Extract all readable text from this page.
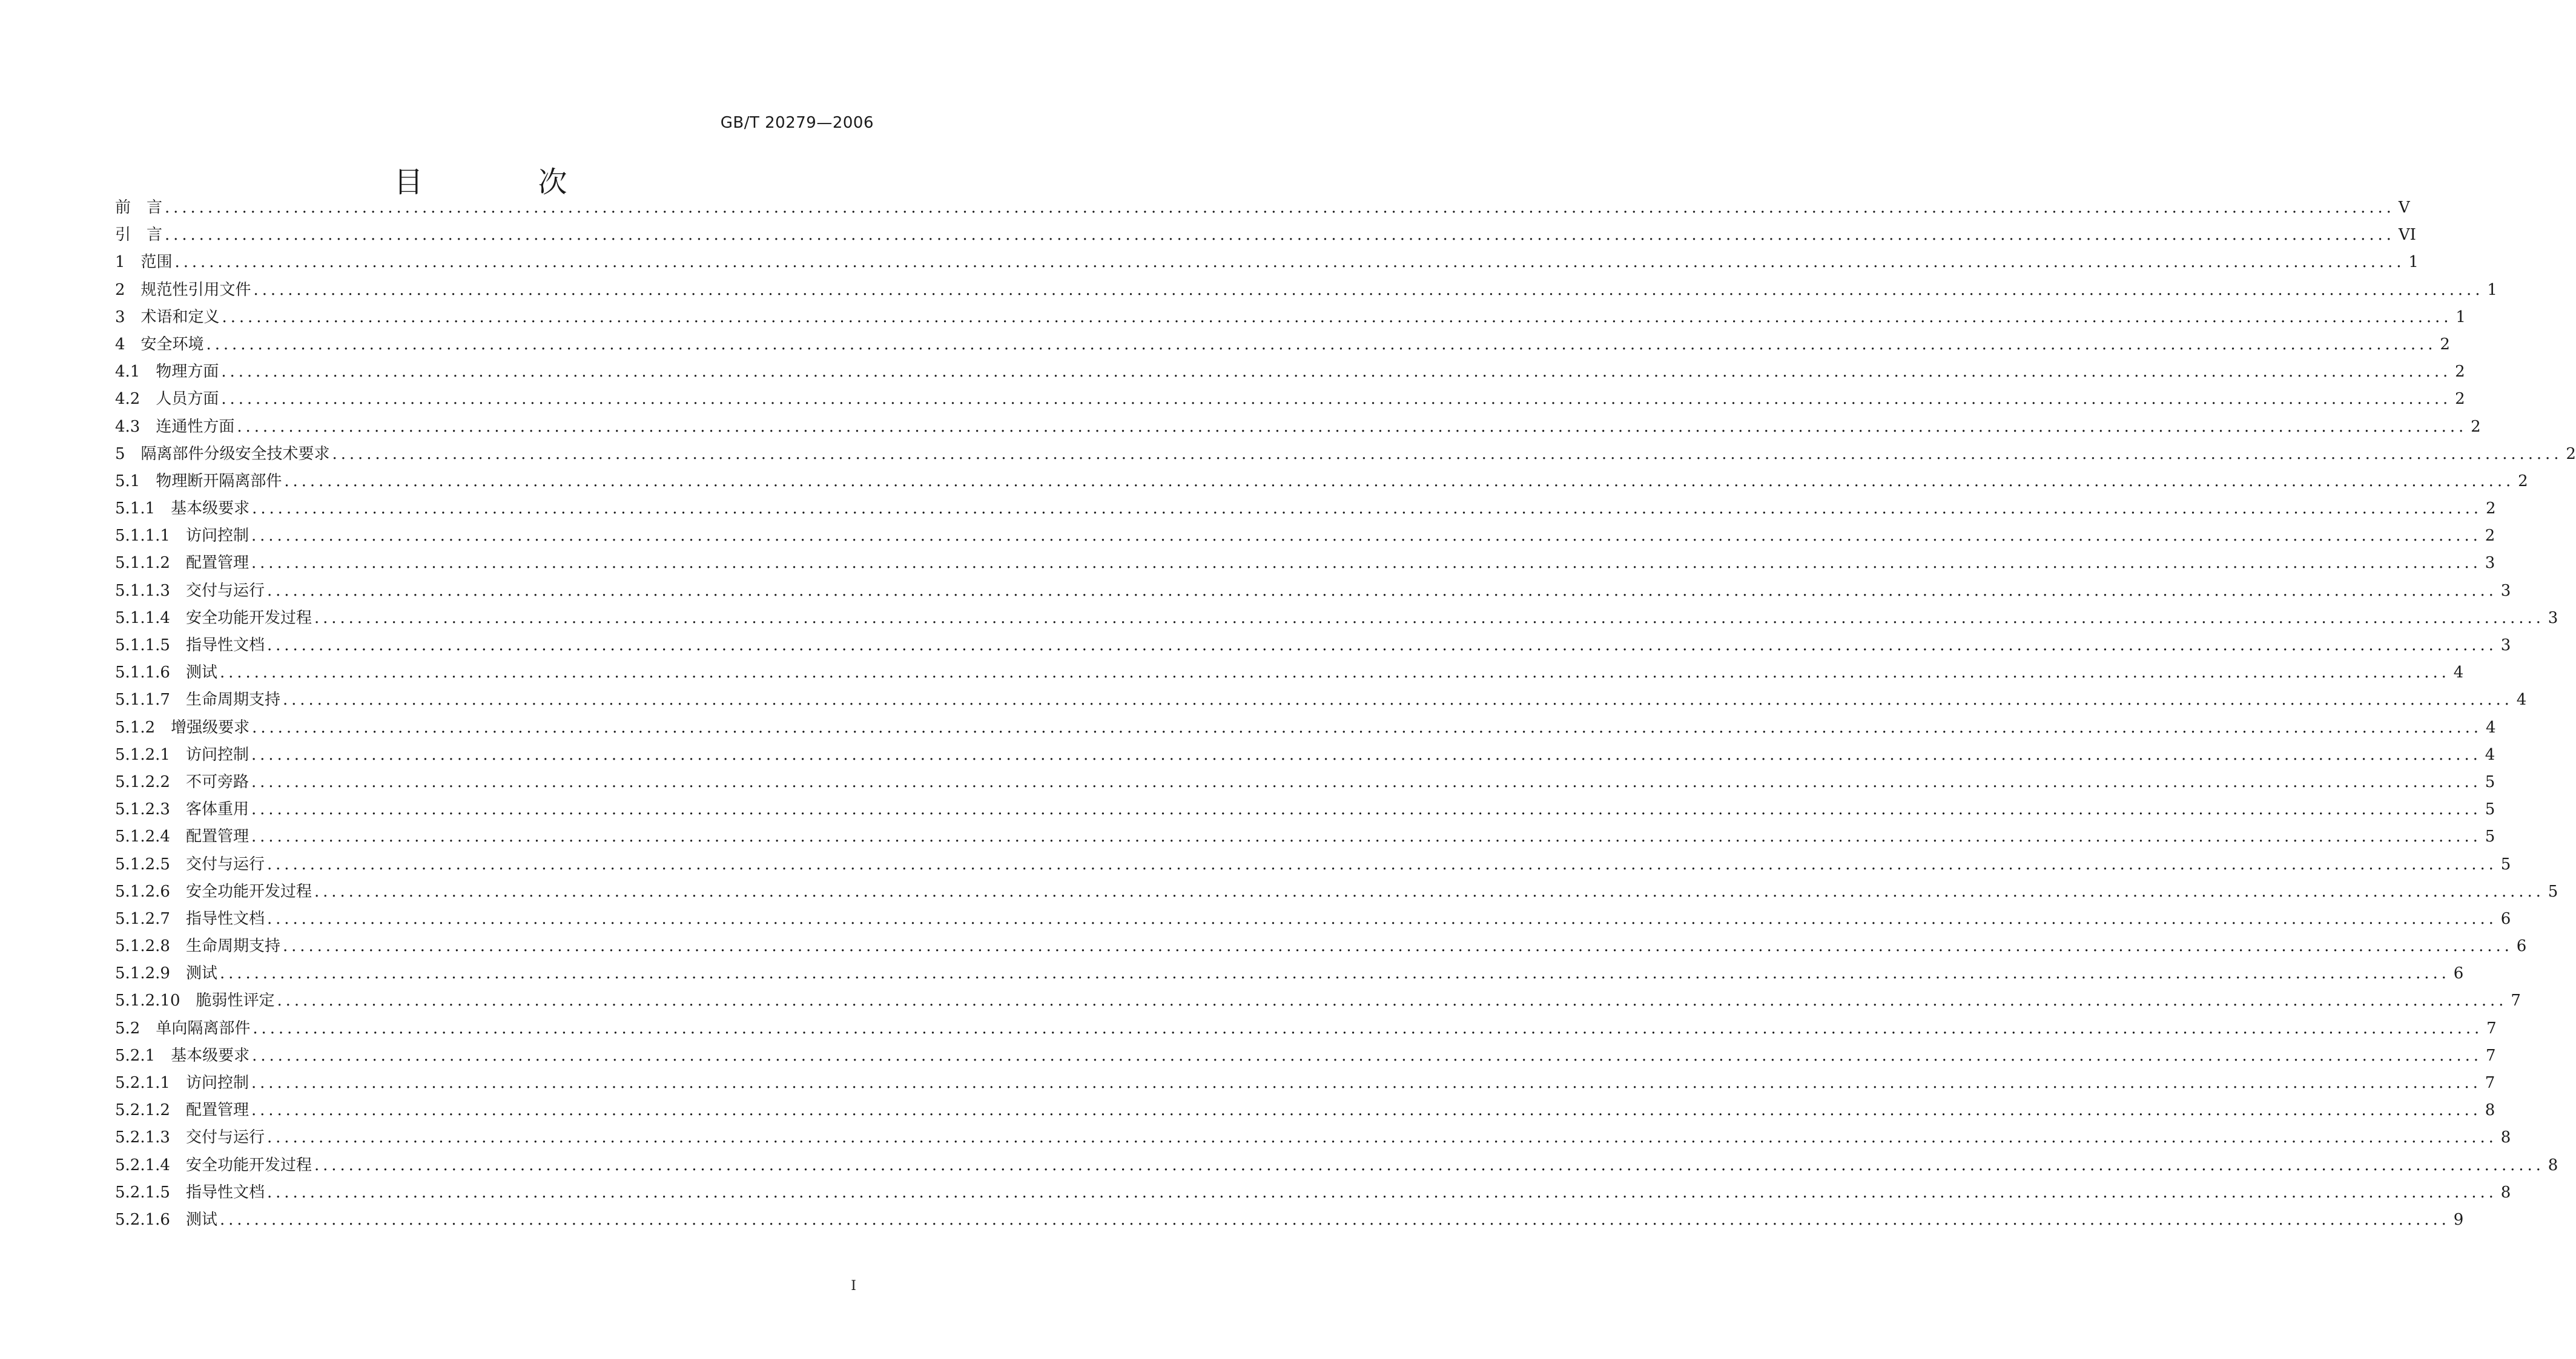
GB/T 20279—2006
目次
前　言 .................................................................................................................................................................................................................................................................... V
引　言 .................................................................................................................................................................................................................................................................... VI
1　范围 .................................................................................................................................................................................................................................................................... 1
2　规范性引用文件 .................................................................................................................................................................................................................................................................... 1
3　术语和定义 .................................................................................................................................................................................................................................................................... 1
4　安全环境 .................................................................................................................................................................................................................................................................... 2
4.1　物理方面 .................................................................................................................................................................................................................................................................... 2
4.2　人员方面 .................................................................................................................................................................................................................................................................... 2
4.3　连通性方面 .................................................................................................................................................................................................................................................................... 2
5　隔离部件分级安全技术要求 .................................................................................................................................................................................................................................................................... 2
5.1　物理断开隔离部件 .................................................................................................................................................................................................................................................................... 2
5.1.1　基本级要求 .................................................................................................................................................................................................................................................................... 2
5.1.1.1　访问控制 .................................................................................................................................................................................................................................................................... 2
5.1.1.2　配置管理 .................................................................................................................................................................................................................................................................... 3
5.1.1.3　交付与运行 .................................................................................................................................................................................................................................................................... 3
5.1.1.4　安全功能开发过程 .................................................................................................................................................................................................................................................................... 3
5.1.1.5　指导性文档 .................................................................................................................................................................................................................................................................... 3
5.1.1.6　测试 .................................................................................................................................................................................................................................................................... 4
5.1.1.7　生命周期支持 .................................................................................................................................................................................................................................................................... 4
5.1.2　增强级要求 .................................................................................................................................................................................................................................................................... 4
5.1.2.1　访问控制 .................................................................................................................................................................................................................................................................... 4
5.1.2.2　不可旁路 .................................................................................................................................................................................................................................................................... 5
5.1.2.3　客体重用 .................................................................................................................................................................................................................................................................... 5
5.1.2.4　配置管理 .................................................................................................................................................................................................................................................................... 5
5.1.2.5　交付与运行 .................................................................................................................................................................................................................................................................... 5
5.1.2.6　安全功能开发过程 .................................................................................................................................................................................................................................................................... 5
5.1.2.7　指导性文档 .................................................................................................................................................................................................................................................................... 6
5.1.2.8　生命周期支持 .................................................................................................................................................................................................................................................................... 6
5.1.2.9　测试 .................................................................................................................................................................................................................................................................... 6
5.1.2.10　脆弱性评定 .................................................................................................................................................................................................................................................................... 7
5.2　单向隔离部件 .................................................................................................................................................................................................................................................................... 7
5.2.1　基本级要求 .................................................................................................................................................................................................................................................................... 7
5.2.1.1　访问控制 .................................................................................................................................................................................................................................................................... 7
5.2.1.2　配置管理 .................................................................................................................................................................................................................................................................... 8
5.2.1.3　交付与运行 .................................................................................................................................................................................................................................................................... 8
5.2.1.4　安全功能开发过程 .................................................................................................................................................................................................................................................................... 8
5.2.1.5　指导性文档 .................................................................................................................................................................................................................................................................... 8
5.2.1.6　测试 .................................................................................................................................................................................................................................................................... 9
I
